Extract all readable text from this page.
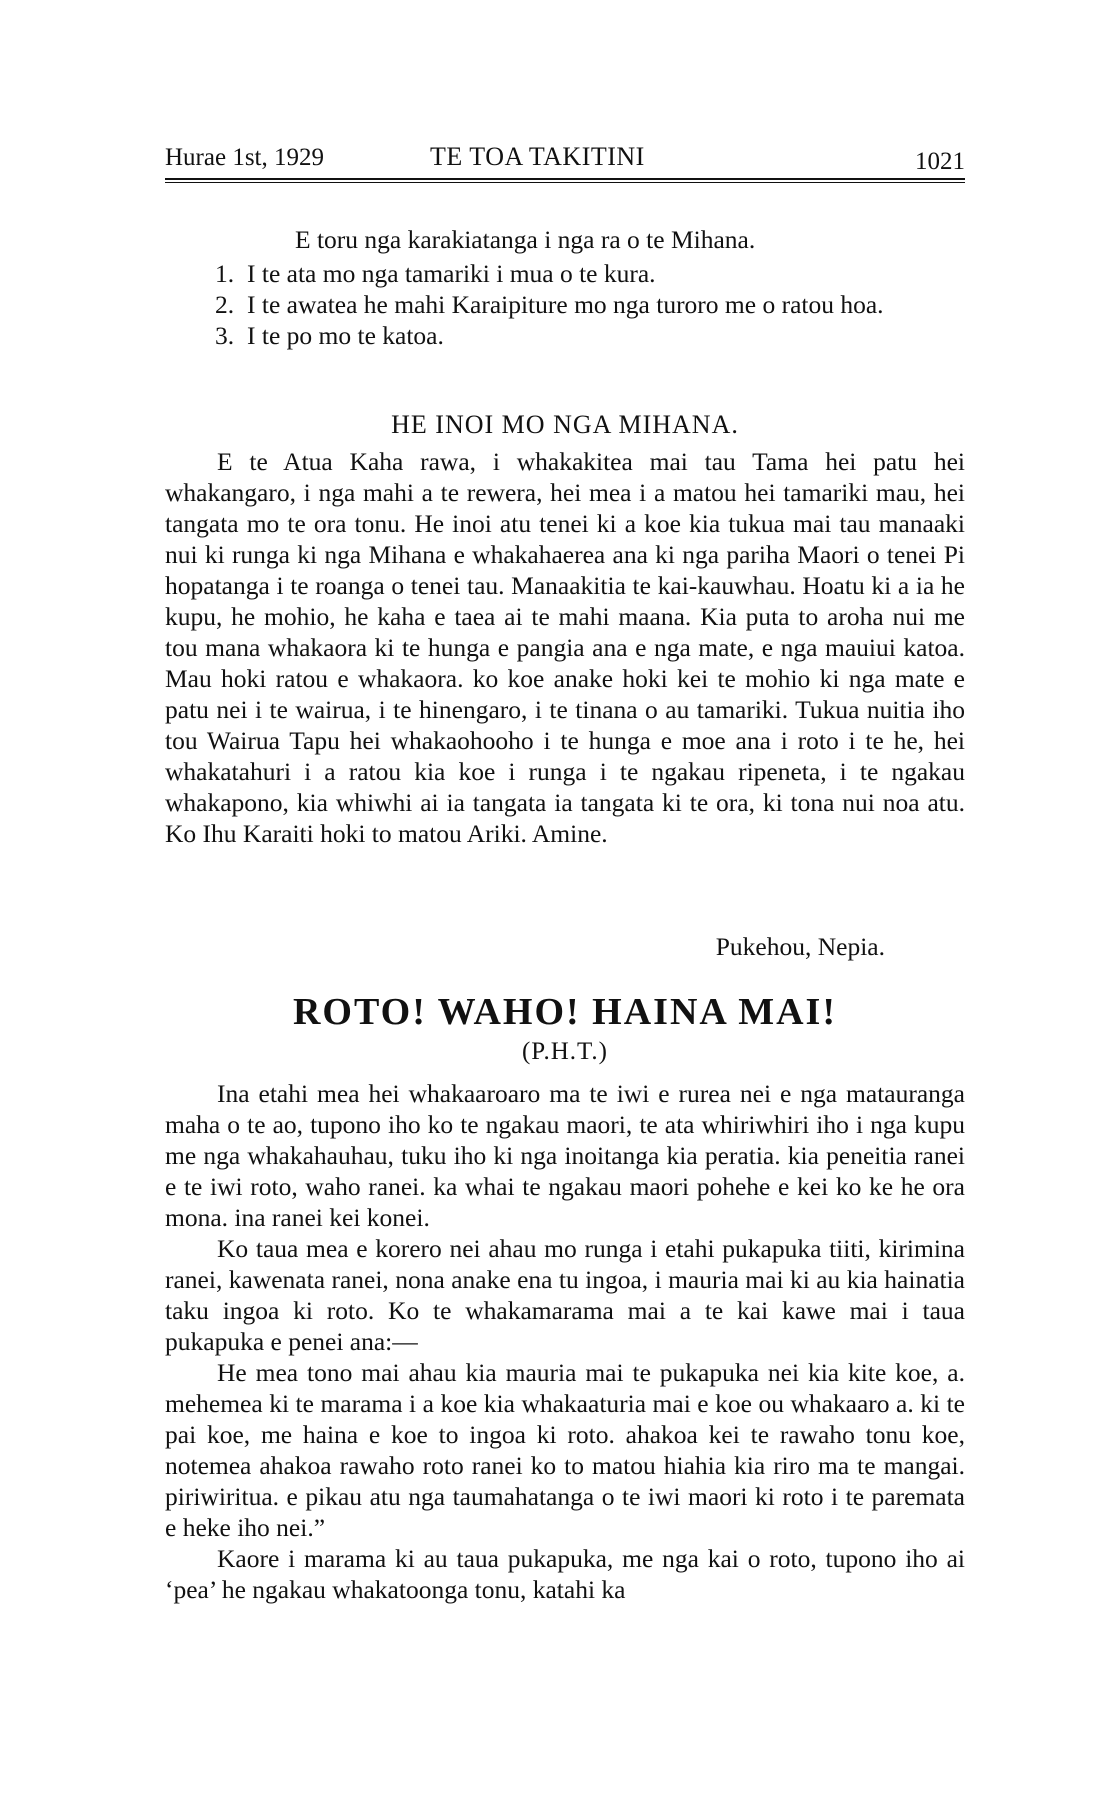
Hurae 1st, 1929	TE TOA TAKITINI	1021
E toru nga karakiatanga i nga ra o te Mihana.
1. I te ata mo nga tamariki i mua o te kura.
2. I te awatea he mahi Karaipiture mo nga turoro me o ratou hoa.
3. I te po mo te katoa.
HE INOI MO NGA MIHANA.

E te Atua Kaha rawa, i whakakitea mai tau Tama hei patu hei whakangaro, i nga mahi a te rewera, hei mea i a matou hei tamariki mau, hei tangata mo te ora tonu. He inoi atu tenei ki a koe kia tukua mai tau manaaki nui ki runga ki nga Mihana e whakahaerea ana ki nga pariha Maori o tenei Pi hopatanga i te roanga o tenei tau. Manaakitia te kai-kauwhau. Hoatu ki a ia he kupu, he mohio, he kaha e taea ai te mahi maana. Kia puta to aroha nui me tou mana whakaora ki te hunga e pangia ana e nga mate, e nga mauiui katoa. Mau hoki ratou e whakaora. ko koe anake hoki kei te mohio ki nga mate e patu nei i te wairua, i te hinengaro, i te tinana o au tamariki. Tukua nuitia iho tou Wairua Tapu hei whakaohooho i te hunga e moe ana i roto i te he, hei whakatahuri i a ratou kia koe i runga i te ngakau ripeneta, i te ngakau whakapono, kia whiwhi ai ia tangata ia tangata ki te ora, ki tona nui noa atu. Ko Ihu Karaiti hoki to matou Ariki. Amine.

Pukehou, Nepia.
ROTO! WAHO! HAINA MAI!
(P.H.T.)

Ina etahi mea hei whakaaroaro ma te iwi e rurea nei e nga matauranga maha o te ao, tupono iho ko te ngakau maori, te ata whiriwhiri iho i nga kupu me nga whakahauhau, tuku iho ki nga inoitanga kia peratia. kia peneitia ranei e te iwi roto, waho ranei. ka whai te ngakau maori pohehe e kei ko ke he ora mona. ina ranei kei konei.

Ko taua mea e korero nei ahau mo runga i etahi pukapuka tiiti, kirimina ranei, kawenata ranei, nona anake ena tu ingoa, i mauria mai ki au kia hainatia taku ingoa ki roto. Ko te whakamarama mai a te kai kawe mai i taua pukapuka e penei ana:—

He mea tono mai ahau kia mauria mai te pukapuka nei kia kite koe, a. mehemea ki te marama i a koe kia whakaaturia mai e koe ou whakaaro a. ki te pai koe, me haina e koe to ingoa ki roto. ahakoa kei te rawaho tonu koe, notemea ahakoa rawaho roto ranei ko to matou hiahia kia riro ma te mangai. piriwiritua. e pikau atu nga taumahatanga o te iwi maori ki roto i te paremata e heke iho nei.”

Kaore i marama ki au taua pukapuka, me nga kai o roto, tupono iho ai ‘pea’ he ngakau whakatoonga tonu, katahi ka
